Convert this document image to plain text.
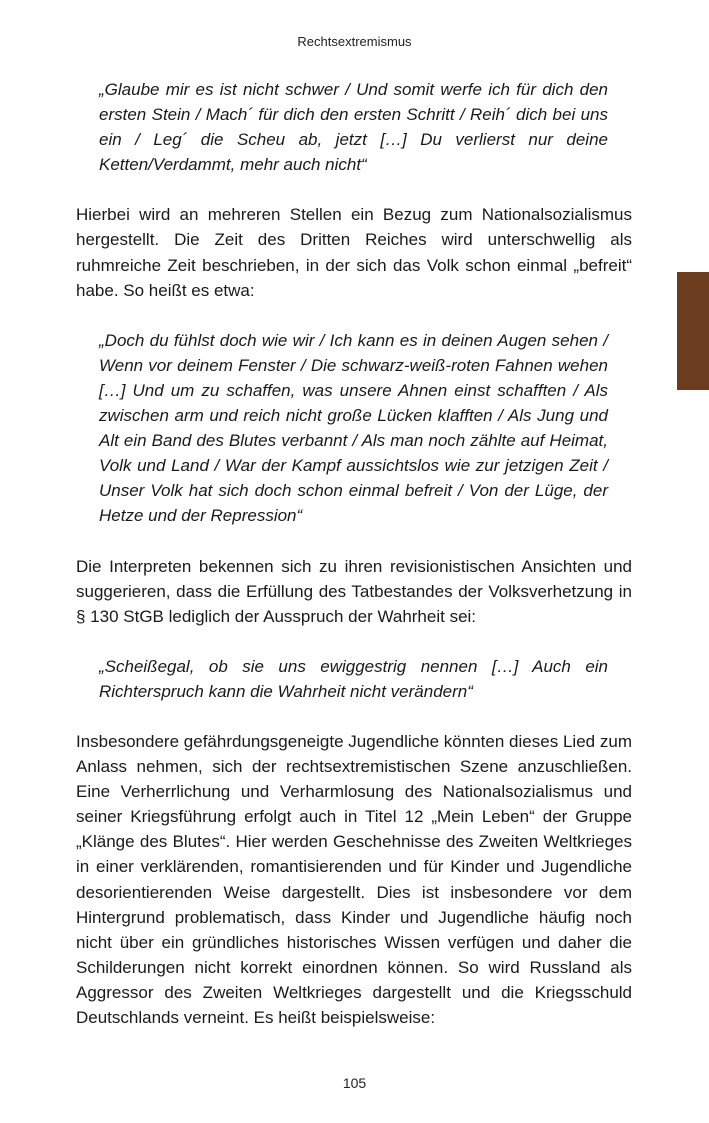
Rechtsextremismus

„Glaube mir es ist nicht schwer / Und somit werfe ich für dich den ersten Stein / Mach´ für dich den ersten Schritt / Reih´ dich bei uns ein / Leg´ die Scheu ab, jetzt […] Du verlierst nur deine Ketten/Verdammt, mehr auch nicht“

Hierbei wird an mehreren Stellen ein Bezug zum Nationalsozialismus hergestellt. Die Zeit des Dritten Reiches wird unterschwellig als ruhmreiche Zeit beschrieben, in der sich das Volk schon einmal „befreit“ habe. So heißt es etwa:

„Doch du fühlst doch wie wir / Ich kann es in deinen Augen sehen / Wenn vor deinem Fenster / Die schwarz-weiß-roten Fahnen wehen […] Und um zu schaffen, was unsere Ahnen einst schafften / Als zwischen arm und reich nicht große Lücken klafften / Als Jung und Alt ein Band des Blutes verbannt / Als man noch zählte auf Heimat, Volk und Land / War der Kampf aussichtslos wie zur jetzigen Zeit / Unser Volk hat sich doch schon einmal befreit / Von der Lüge, der Hetze und der Repression“

Die Interpreten bekennen sich zu ihren revisionistischen Ansichten und suggerieren, dass die Erfüllung des Tatbestandes der Volksverhetzung in § 130 StGB lediglich der Ausspruch der Wahrheit sei:

„Scheißegal, ob sie uns ewiggestrig nennen […] Auch ein Richterspruch kann die Wahrheit nicht verändern“

Insbesondere gefährdungsgeneigte Jugendliche könnten dieses Lied zum Anlass nehmen, sich der rechtsextremistischen Szene anzuschließen. Eine Verherrlichung und Verharmlosung des Nationalsozialismus und seiner Kriegsführung erfolgt auch in Titel 12 „Mein Leben“ der Gruppe „Klänge des Blutes“. Hier werden Geschehnisse des Zweiten Weltkrieges in einer verklärenden, romantisierenden und für Kinder und Jugendliche desorientierenden Weise dargestellt. Dies ist insbesondere vor dem Hintergrund problematisch, dass Kinder und Jugendliche häufig noch nicht über ein gründliches historisches Wissen verfügen und daher die Schilderungen nicht korrekt einordnen können. So wird Russland als Aggressor des Zweiten Weltkrieges dargestellt und die Kriegsschuld Deutschlands verneint. Es heißt beispielsweise:

105
